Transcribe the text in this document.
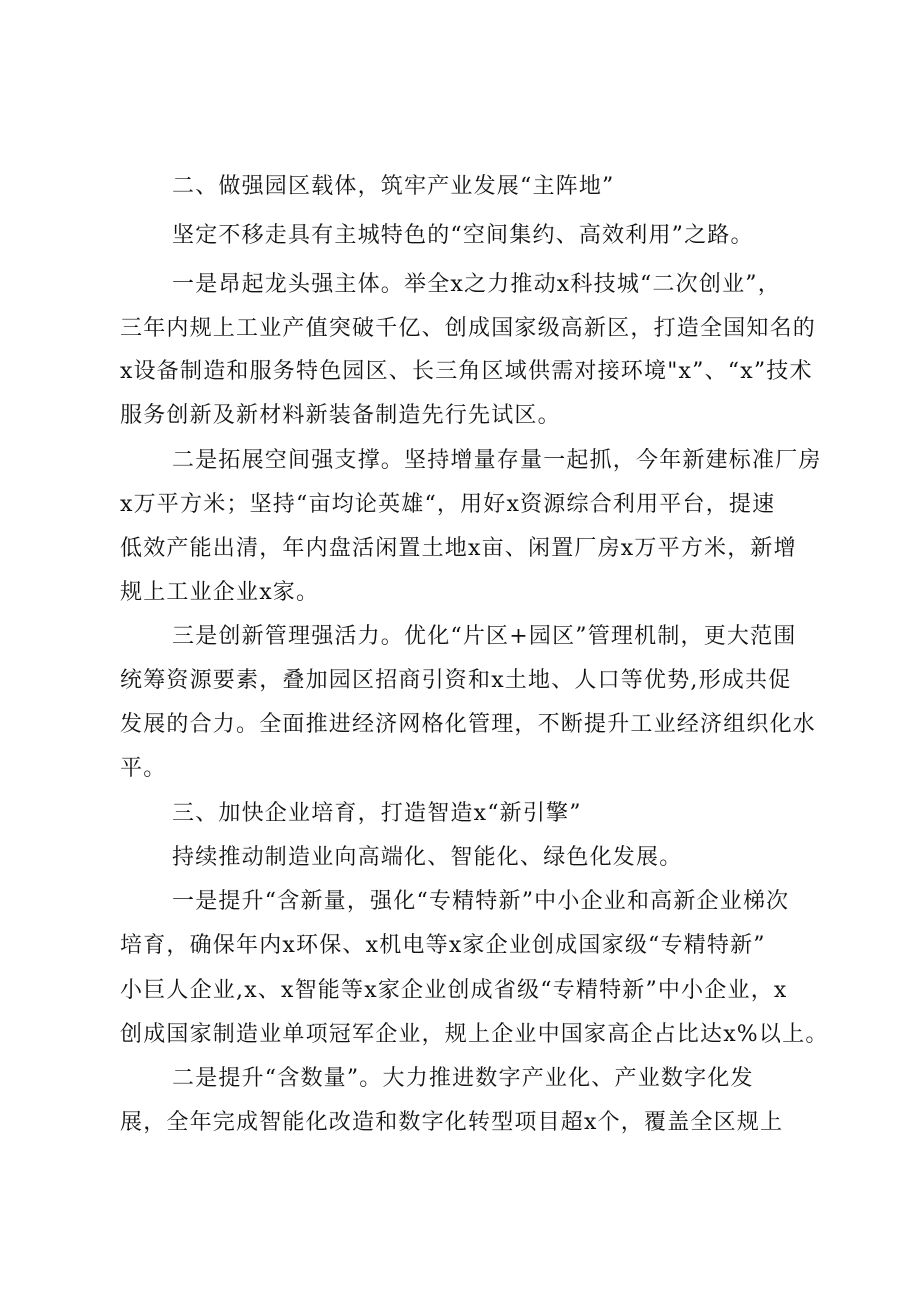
二、做强园区载体，筑牢产业发展“主阵地”
坚定不移走具有主城特色的“空间集约、高效利用”之路。
一是昂起龙头强主体。举全x之力推动x科技城“二次创业”，
三年内规上工业产值突破千亿、创成国家级高新区，打造全国知名的
x设备制造和服务特色园区、长三角区域供需对接环境"x”、“x”技术
服务创新及新材料新装备制造先行先试区。
二是拓展空间强支撑。坚持增量存量一起抓，今年新建标准厂房
x万平方米；坚持“亩均论英雄“，用好x资源综合利用平台，提速
低效产能出清，年内盘活闲置土地x亩、闲置厂房x万平方米，新增
规上工业企业x家。
三是创新管理强活力。优化“片区+园区”管理机制，更大范围
统筹资源要素，叠加园区招商引资和x土地、人口等优势,形成共促
发展的合力。全面推进经济网格化管理，不断提升工业经济组织化水
平。
三、加快企业培育，打造智造x“新引擎”
持续推动制造业向高端化、智能化、绿色化发展。
一是提升“含新量，强化“专精特新”中小企业和高新企业梯次
培育，确保年内x环保、x机电等x家企业创成国家级“专精特新”
小巨人企业,x、x智能等x家企业创成省级“专精特新”中小企业，x
创成国家制造业单项冠军企业，规上企业中国家高企占比达x%以上。
二是提升“含数量”。大力推进数字产业化、产业数字化发
展，全年完成智能化改造和数字化转型项目超x个，覆盖全区规上
